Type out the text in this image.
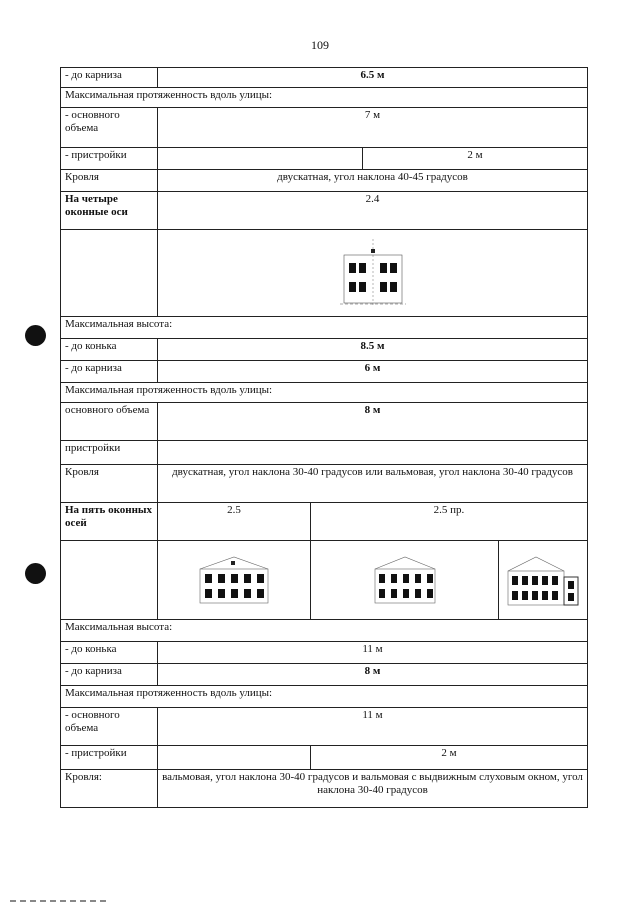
109
- до карниза	6.5 м			
Максимальная протяженность вдоль улицы:				
- основного объема	7 м			
- пристройки			2 м	
Кровля	двускатная, угол наклона 40-45 градусов			
На четыре оконные оси	2.4			

Максимальная высота:				
- до конька	8.5 м			
- до карниза	6 м			
Максимальная протяженность вдоль улицы:				
основного объема	8 м			
пристройки				
Кровля	двускатная, угол наклона 30-40 градусов или вальмовая, угол наклона 30-40 градусов			
На пять оконных осей	2.5	2.5 пр.		

Максимальная высота:				
- до конька	11 м			
- до карниза	8 м			
Максимальная протяженность вдоль улицы:				
- основного объема	11 м			
- пристройки		2 м		
Кровля:	вальмовая, угол наклона 30-40 градусов и вальмовая с выдвижным слуховым окном, угол наклона 30-40 градусов			
